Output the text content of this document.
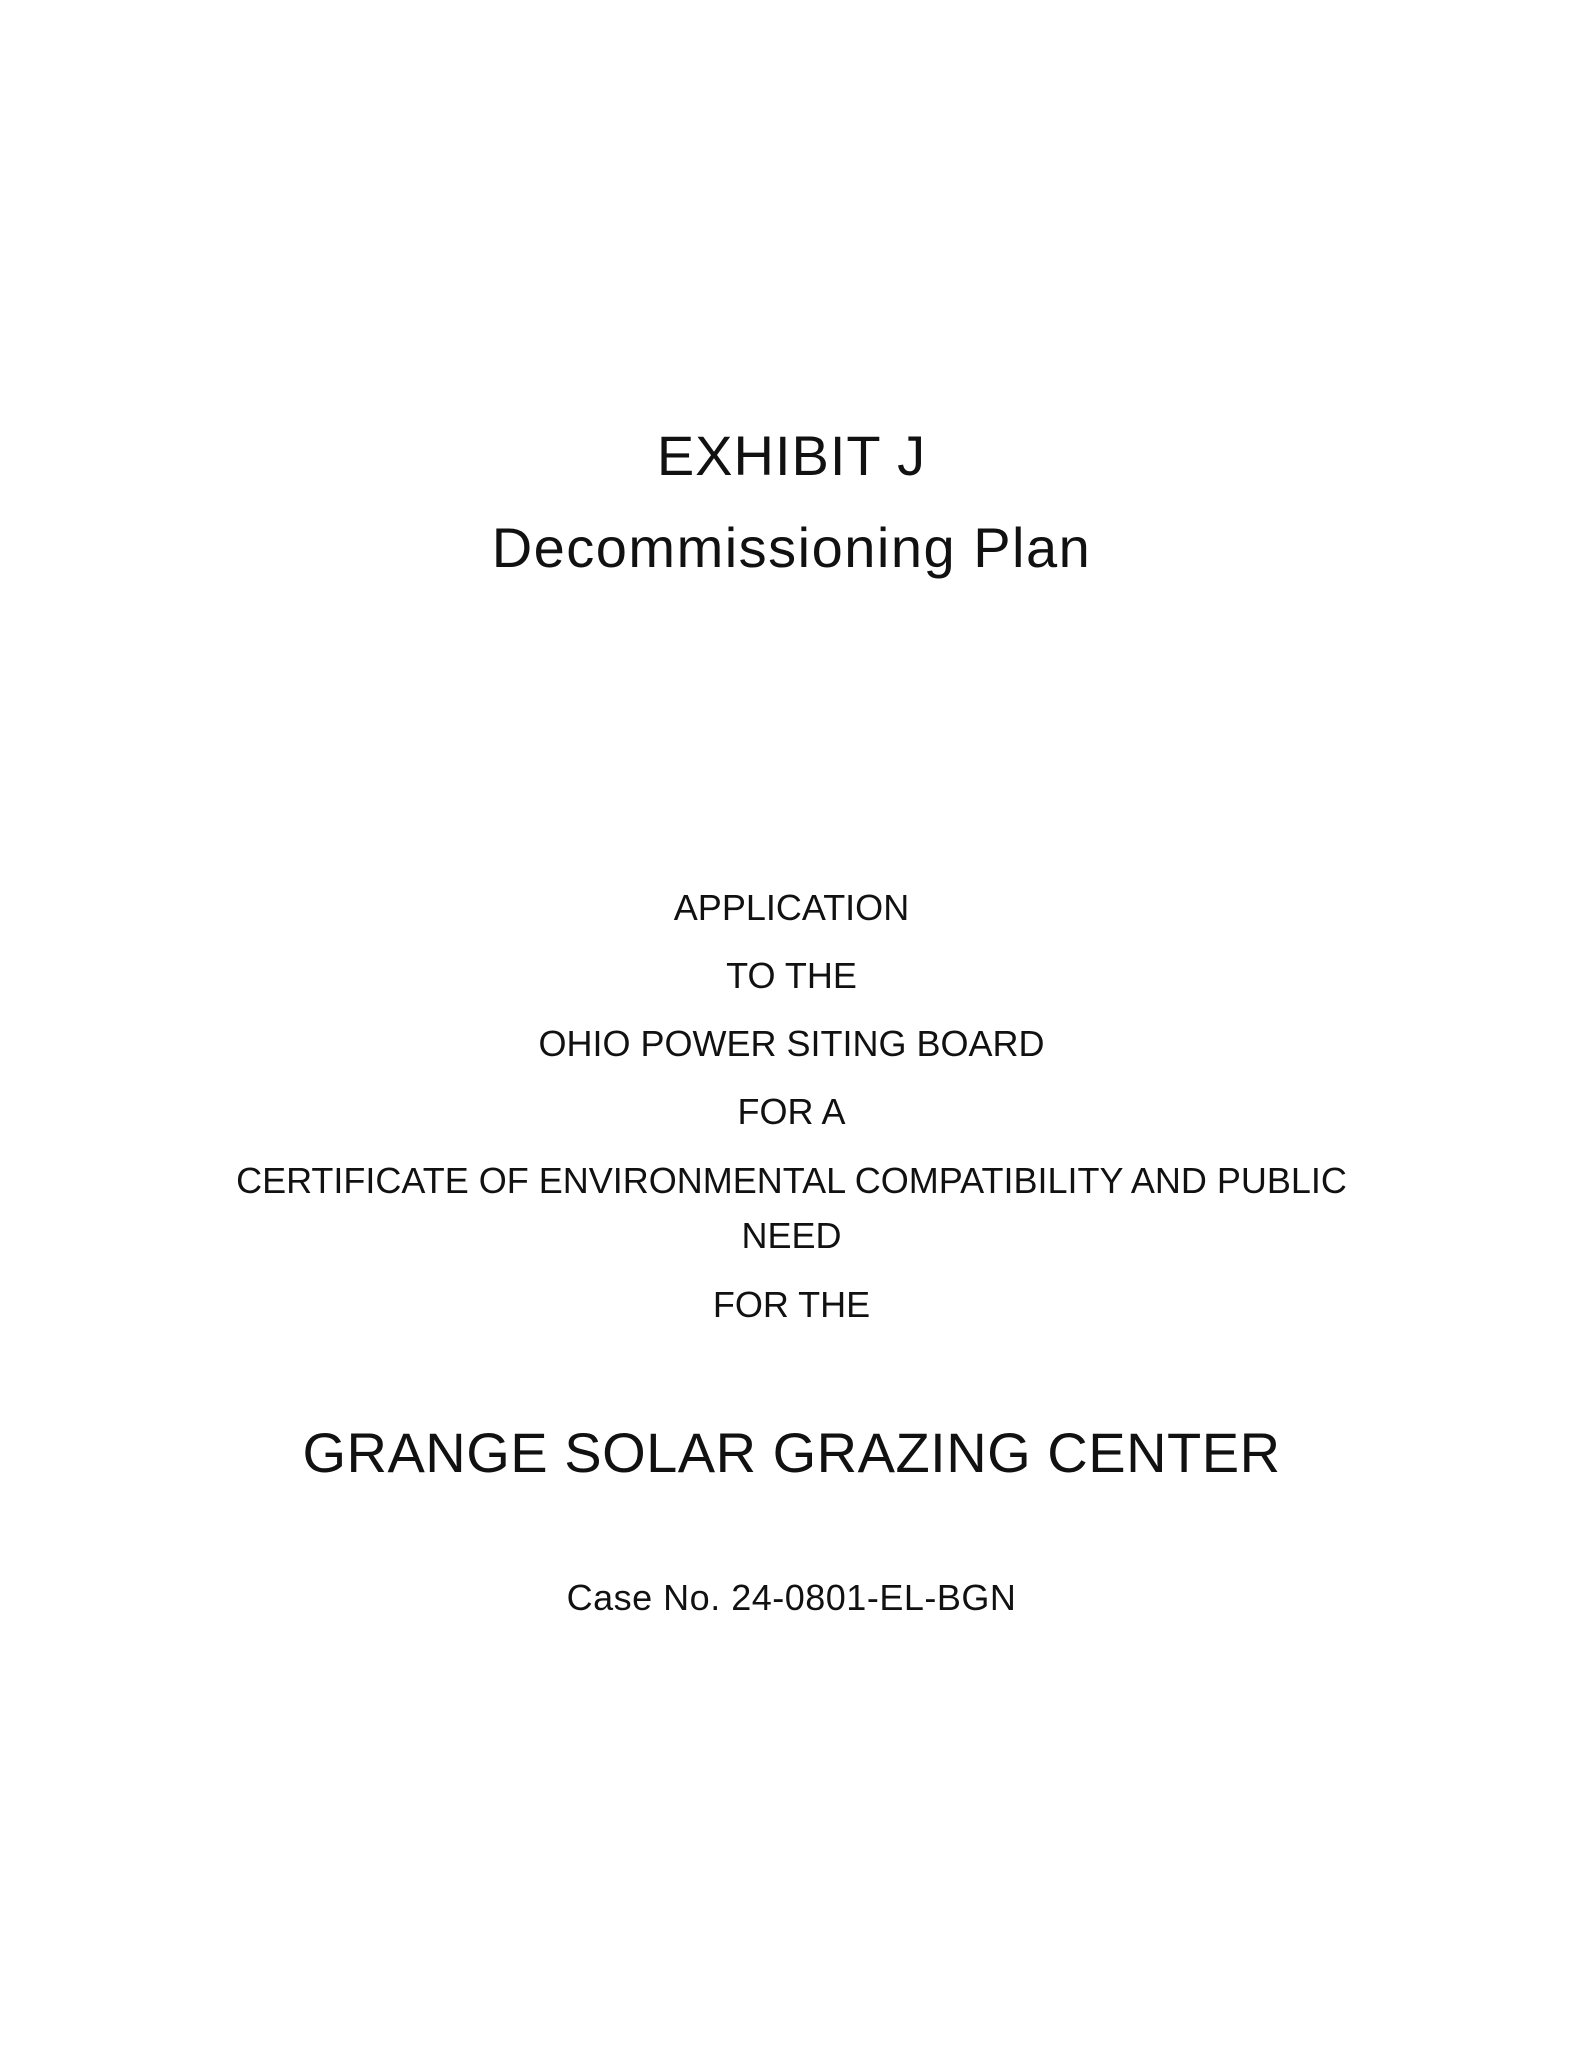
EXHIBIT J
Decommissioning Plan
APPLICATION
TO THE
OHIO POWER SITING BOARD
FOR A
CERTIFICATE OF ENVIRONMENTAL COMPATIBILITY AND PUBLIC
NEED
FOR THE
GRANGE SOLAR GRAZING CENTER
Case No. 24-0801-EL-BGN
